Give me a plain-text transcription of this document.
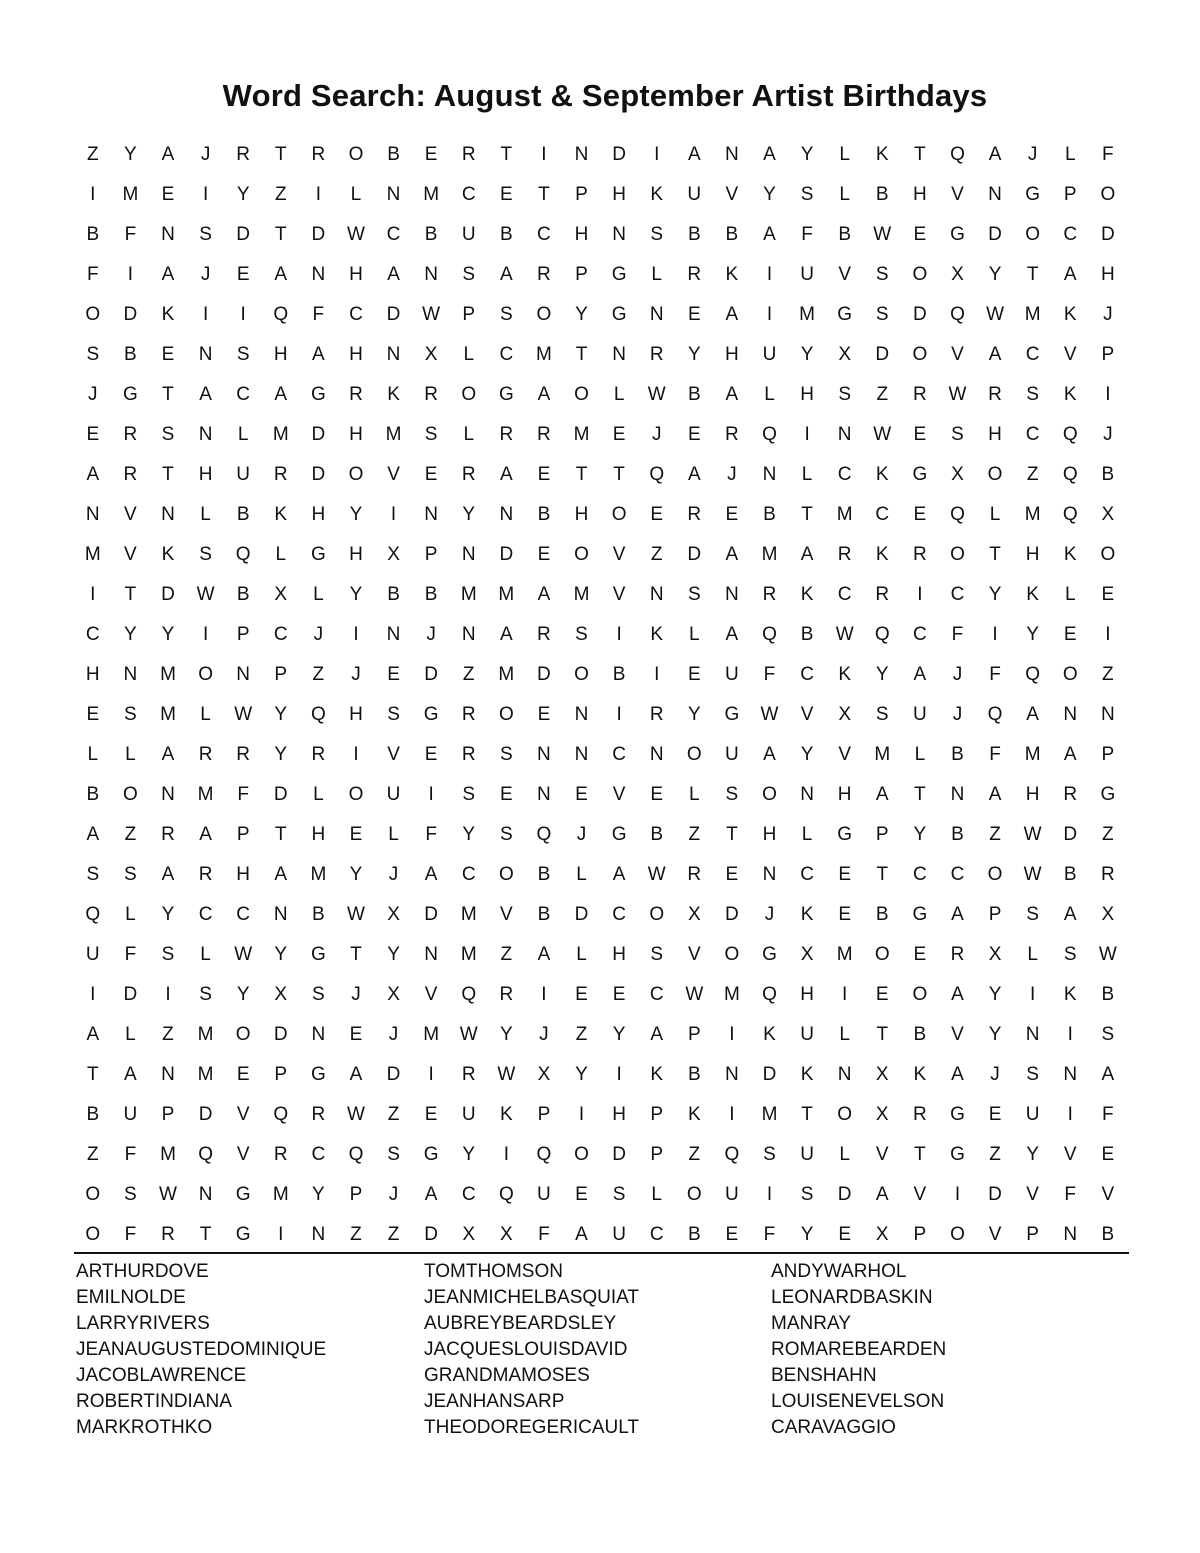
Word Search: August & September Artist Birthdays
Z	Y	A	J	R	T	R	O	B	E	R	T	I	N	D	I	A	N	A	Y	L	K	T	Q	A	J	L	F
I	M	E	I	Y	Z	I	L	N	M	C	E	T	P	H	K	U	V	Y	S	L	B	H	V	N	G	P	O
B	F	N	S	D	T	D	W	C	B	U	B	C	H	N	S	B	B	A	F	B	W	E	G	D	O	C	D
F	I	A	J	E	A	N	H	A	N	S	A	R	P	G	L	R	K	I	U	V	S	O	X	Y	T	A	H
O	D	K	I	I	Q	F	C	D	W	P	S	O	Y	G	N	E	A	I	M	G	S	D	Q	W	M	K	J
S	B	E	N	S	H	A	H	N	X	L	C	M	T	N	R	Y	H	U	Y	X	D	O	V	A	C	V	P
J	G	T	A	C	A	G	R	K	R	O	G	A	O	L	W	B	A	L	H	S	Z	R	W	R	S	K	I
E	R	S	N	L	M	D	H	M	S	L	R	R	M	E	J	E	R	Q	I	N	W	E	S	H	C	Q	J
A	R	T	H	U	R	D	O	V	E	R	A	E	T	T	Q	A	J	N	L	C	K	G	X	O	Z	Q	B
N	V	N	L	B	K	H	Y	I	N	Y	N	B	H	O	E	R	E	B	T	M	C	E	Q	L	M	Q	X
M	V	K	S	Q	L	G	H	X	P	N	D	E	O	V	Z	D	A	M	A	R	K	R	O	T	H	K	O
I	T	D	W	B	X	L	Y	B	B	M	M	A	M	V	N	S	N	R	K	C	R	I	C	Y	K	L	E
C	Y	Y	I	P	C	J	I	N	J	N	A	R	S	I	K	L	A	Q	B	W	Q	C	F	I	Y	E	I
H	N	M	O	N	P	Z	J	E	D	Z	M	D	O	B	I	E	U	F	C	K	Y	A	J	F	Q	O	Z
E	S	M	L	W	Y	Q	H	S	G	R	O	E	N	I	R	Y	G	W	V	X	S	U	J	Q	A	N	N
L	L	A	R	R	Y	R	I	V	E	R	S	N	N	C	N	O	U	A	Y	V	M	L	B	F	M	A	P
B	O	N	M	F	D	L	O	U	I	S	E	N	E	V	E	L	S	O	N	H	A	T	N	A	H	R	G
A	Z	R	A	P	T	H	E	L	F	Y	S	Q	J	G	B	Z	T	H	L	G	P	Y	B	Z	W	D	Z
S	S	A	R	H	A	M	Y	J	A	C	O	B	L	A	W	R	E	N	C	E	T	C	C	O	W	B	R
Q	L	Y	C	C	N	B	W	X	D	M	V	B	D	C	O	X	D	J	K	E	B	G	A	P	S	A	X
U	F	S	L	W	Y	G	T	Y	N	M	Z	A	L	H	S	V	O	G	X	M	O	E	R	X	L	S	W
I	D	I	S	Y	X	S	J	X	V	Q	R	I	E	E	C	W	M	Q	H	I	E	O	A	Y	I	K	B
A	L	Z	M	O	D	N	E	J	M	W	Y	J	Z	Y	A	P	I	K	U	L	T	B	V	Y	N	I	S
T	A	N	M	E	P	G	A	D	I	R	W	X	Y	I	K	B	N	D	K	N	X	K	A	J	S	N	A
B	U	P	D	V	Q	R	W	Z	E	U	K	P	I	H	P	K	I	M	T	O	X	R	G	E	U	I	F
Z	F	M	Q	V	R	C	Q	S	G	Y	I	Q	O	D	P	Z	Q	S	U	L	V	T	G	Z	Y	V	E
O	S	W	N	G	M	Y	P	J	A	C	Q	U	E	S	L	O	U	I	S	D	A	V	I	D	V	F	V
O	F	R	T	G	I	N	Z	Z	D	X	X	F	A	U	C	B	E	F	Y	E	X	P	O	V	P	N	B
ARTHURDOVE
EMILNOLDE
LARRYRIVERS
JEANAUGUSTEDOMINIQUE
JACOBLAWRENCE
ROBERTINDIANA
MARKROTHKO
TOMTHOMSON
JEANMICHELBASQUIAT
AUBREYBEARDSLEY
JACQUESLOUISDAVID
GRANDMAMOSES
JEANHANSARP
THEODOREGERICAULT
ANDYWARHOL
LEONARDBASKIN
MANRAY
ROMAREBEARDEN
BENSHAHN
LOUISENEVELSON
CARAVAGGIO
